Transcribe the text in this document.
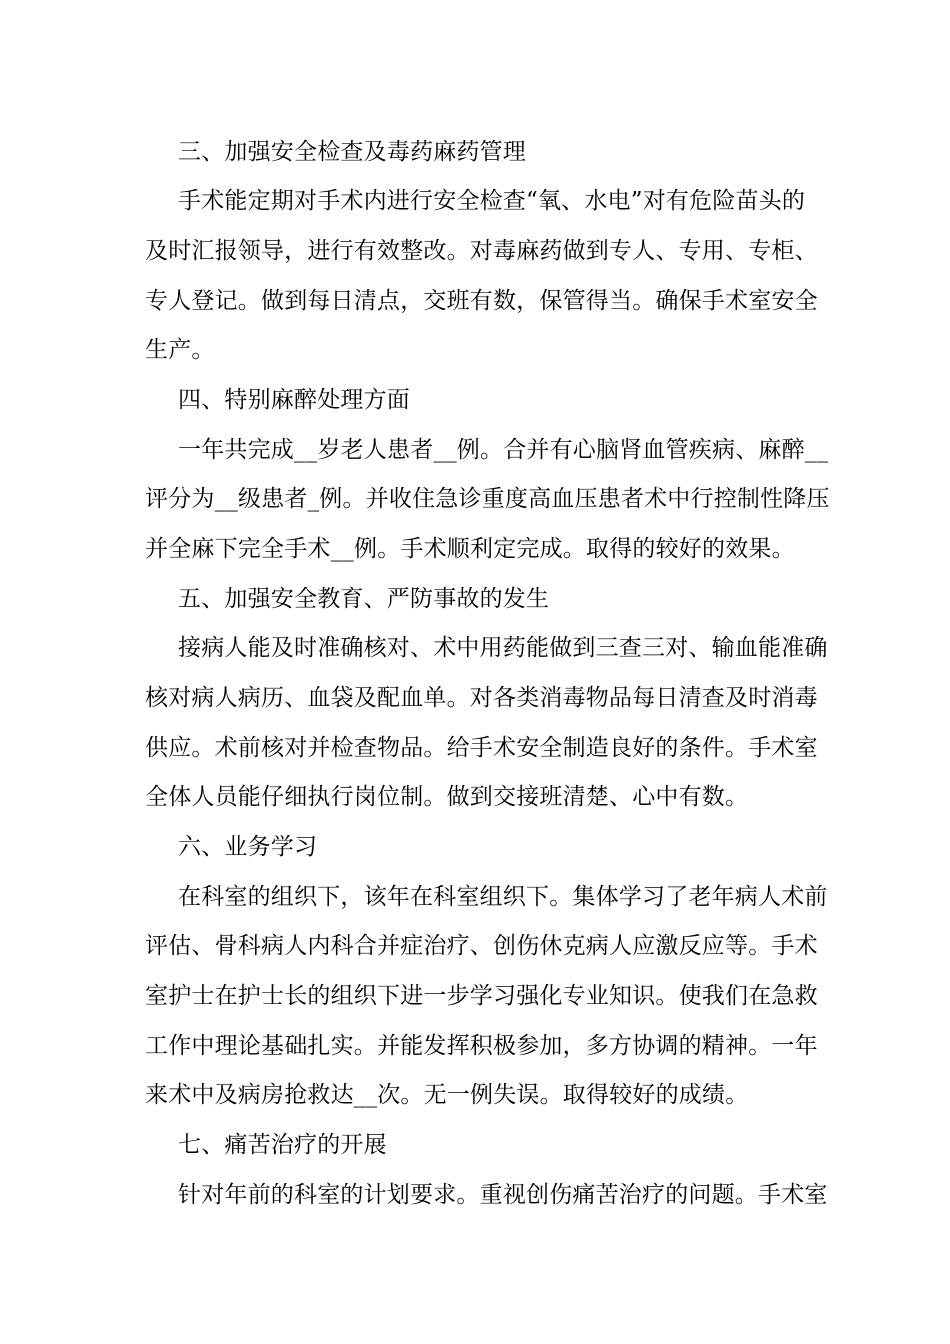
三、加强安全检查及毒药麻药管理
手术能定期对手术内进行安全检查“氧、水电”对有危险苗头的
及时汇报领导，进行有效整改。对毒麻药做到专人、专用、专柜、
专人登记。做到每日清点，交班有数，保管得当。确保手术室安全
生产。
四、特别麻醉处理方面
一年共完成__岁老人患者__例。合并有心脑肾血管疾病、麻醉__
评分为__级患者_例。并收住急诊重度高血压患者术中行控制性降压
并全麻下完全手术__例。手术顺利定完成。取得的较好的效果。
五、加强安全教育、严防事故的发生
接病人能及时准确核对、术中用药能做到三查三对、输血能准确
核对病人病历、血袋及配血单。对各类消毒物品每日清查及时消毒
供应。术前核对并检查物品。给手术安全制造良好的条件。手术室
全体人员能仔细执行岗位制。做到交接班清楚、心中有数。
六、业务学习
在科室的组织下，该年在科室组织下。集体学习了老年病人术前
评估、骨科病人内科合并症治疗、创伤休克病人应激反应等。手术
室护士在护士长的组织下进一步学习强化专业知识。使我们在急救
工作中理论基础扎实。并能发挥积极参加，多方协调的精神。一年
来术中及病房抢救达__次。无一例失误。取得较好的成绩。
七、痛苦治疗的开展
针对年前的科室的计划要求。重视创伤痛苦治疗的问题。手术室
